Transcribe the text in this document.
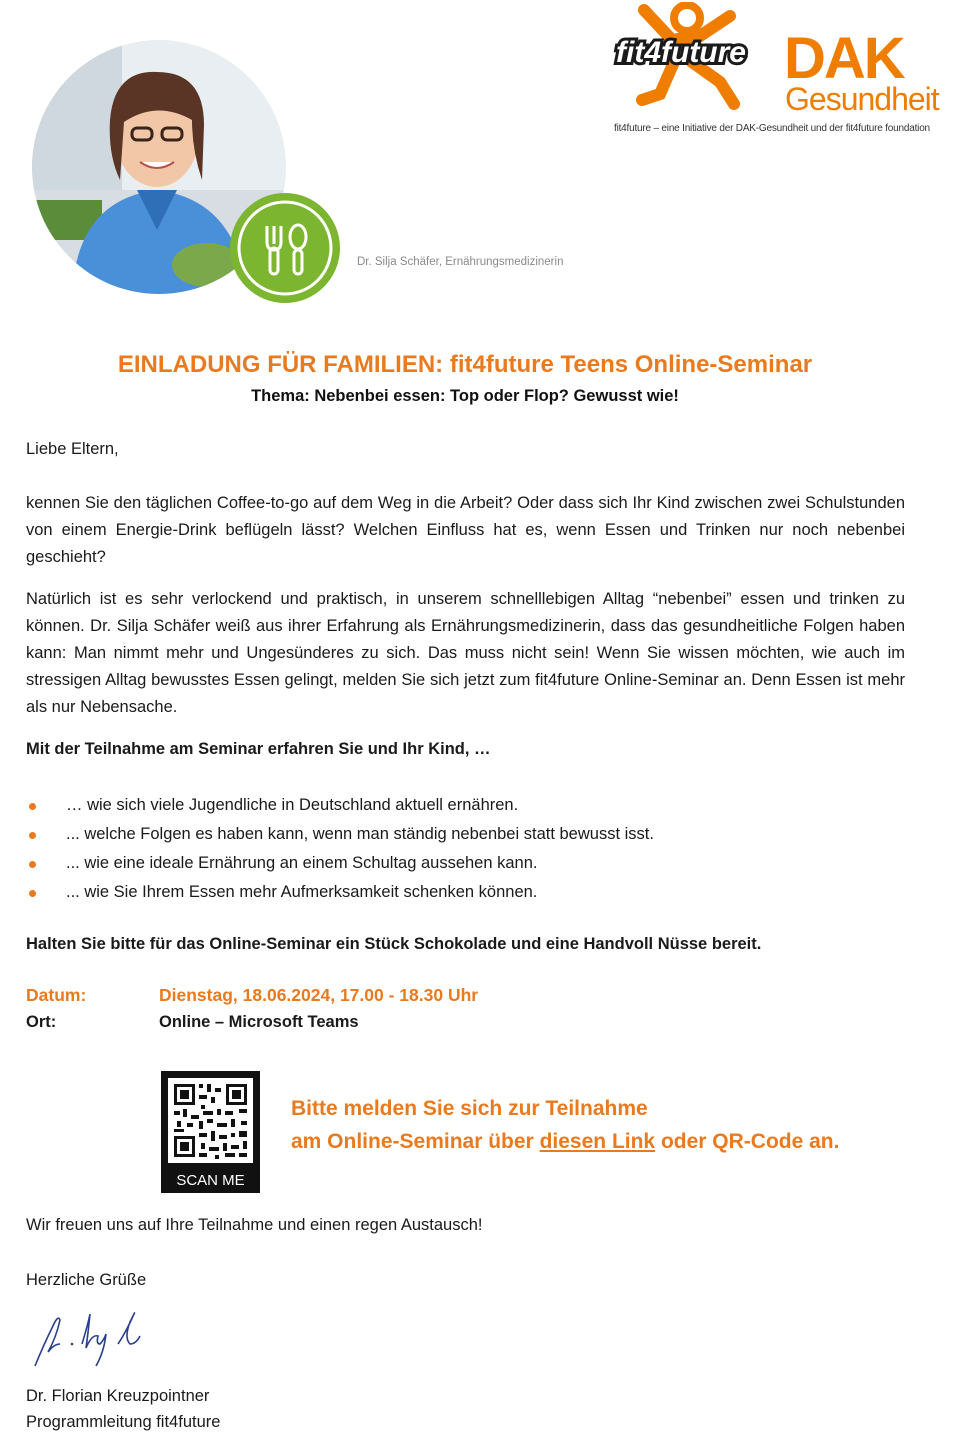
Dr. Silja Schäfer, Ernährungsmedizinerin
fit4future DAK
Gesundheit
fit4future – eine Initiative der DAK-Gesundheit und der fit4future foundation
EINLADUNG FÜR FAMILIEN: fit4future Teens Online-Seminar
Thema: Nebenbei essen: Top oder Flop? Gewusst wie!
Liebe Eltern,
kennen Sie den täglichen Coffee-to-go auf dem Weg in die Arbeit? Oder dass sich Ihr Kind zwischen zwei Schulstunden von einem Energie-Drink beflügeln lässt? Welchen Einfluss hat es, wenn Essen und Trinken nur noch nebenbei geschieht?
Natürlich ist es sehr verlockend und praktisch, in unserem schnelllebigen Alltag “nebenbei” essen und trinken zu können. Dr. Silja Schäfer weiß aus ihrer Erfahrung als Ernährungsmedizinerin, dass das gesundheitliche Folgen haben kann: Man nimmt mehr und Ungesünderes zu sich. Das muss nicht sein! Wenn Sie wissen möchten, wie auch im stressigen Alltag bewusstes Essen gelingt, melden Sie sich jetzt zum fit4future Online-Seminar an. Denn Essen ist mehr als nur Nebensache.
Mit der Teilnahme am Seminar erfahren Sie und Ihr Kind, …
… wie sich viele Jugendliche in Deutschland aktuell ernähren.
... welche Folgen es haben kann, wenn man ständig nebenbei statt bewusst isst.
... wie eine ideale Ernährung an einem Schultag aussehen kann.
... wie Sie Ihrem Essen mehr Aufmerksamkeit schenken können.
Halten Sie bitte für das Online-Seminar ein Stück Schokolade und eine Handvoll Nüsse bereit.
Datum:	Dienstag, 18.06.2024, 17.00 - 18.30 Uhr
Ort:	Online – Microsoft Teams
SCAN ME
Bitte melden Sie sich zur Teilnahme
am Online-Seminar über diesen Link oder QR-Code an.
Wir freuen uns auf Ihre Teilnahme und einen regen Austausch!
Herzliche Grüße
Dr. Florian Kreuzpointner
Programmleitung fit4future
